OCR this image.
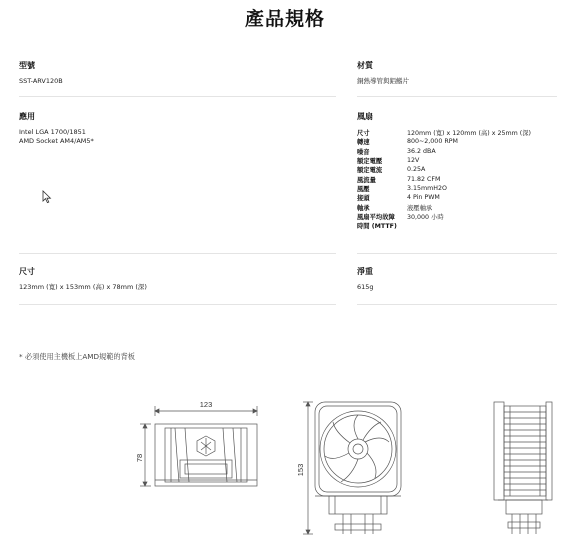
產品規格
型號
SST-ARV120B
材質
銅熱導管與鋁鰭片
應用
Intel LGA 1700/1851
AMD Socket AM4/AM5*
風扇
尺寸	120mm (寬) x 120mm (高) x 25mm (深)
轉速	800~2,000 RPM
噪音	36.2 dBA
額定電壓	12V
額定電流	0.25A
風流量	71.82 CFM
風壓	3.15mmH2O
接頭	4 Pin PWM
軸承	液壓軸承
風扇平均故障	30,000 小時
時間 (MTTF)
尺寸
123mm (寬) x 153mm (高) x 78mm (深)
淨重
615g
* 必須使用主機板上AMD規範的背板
123
78
153
